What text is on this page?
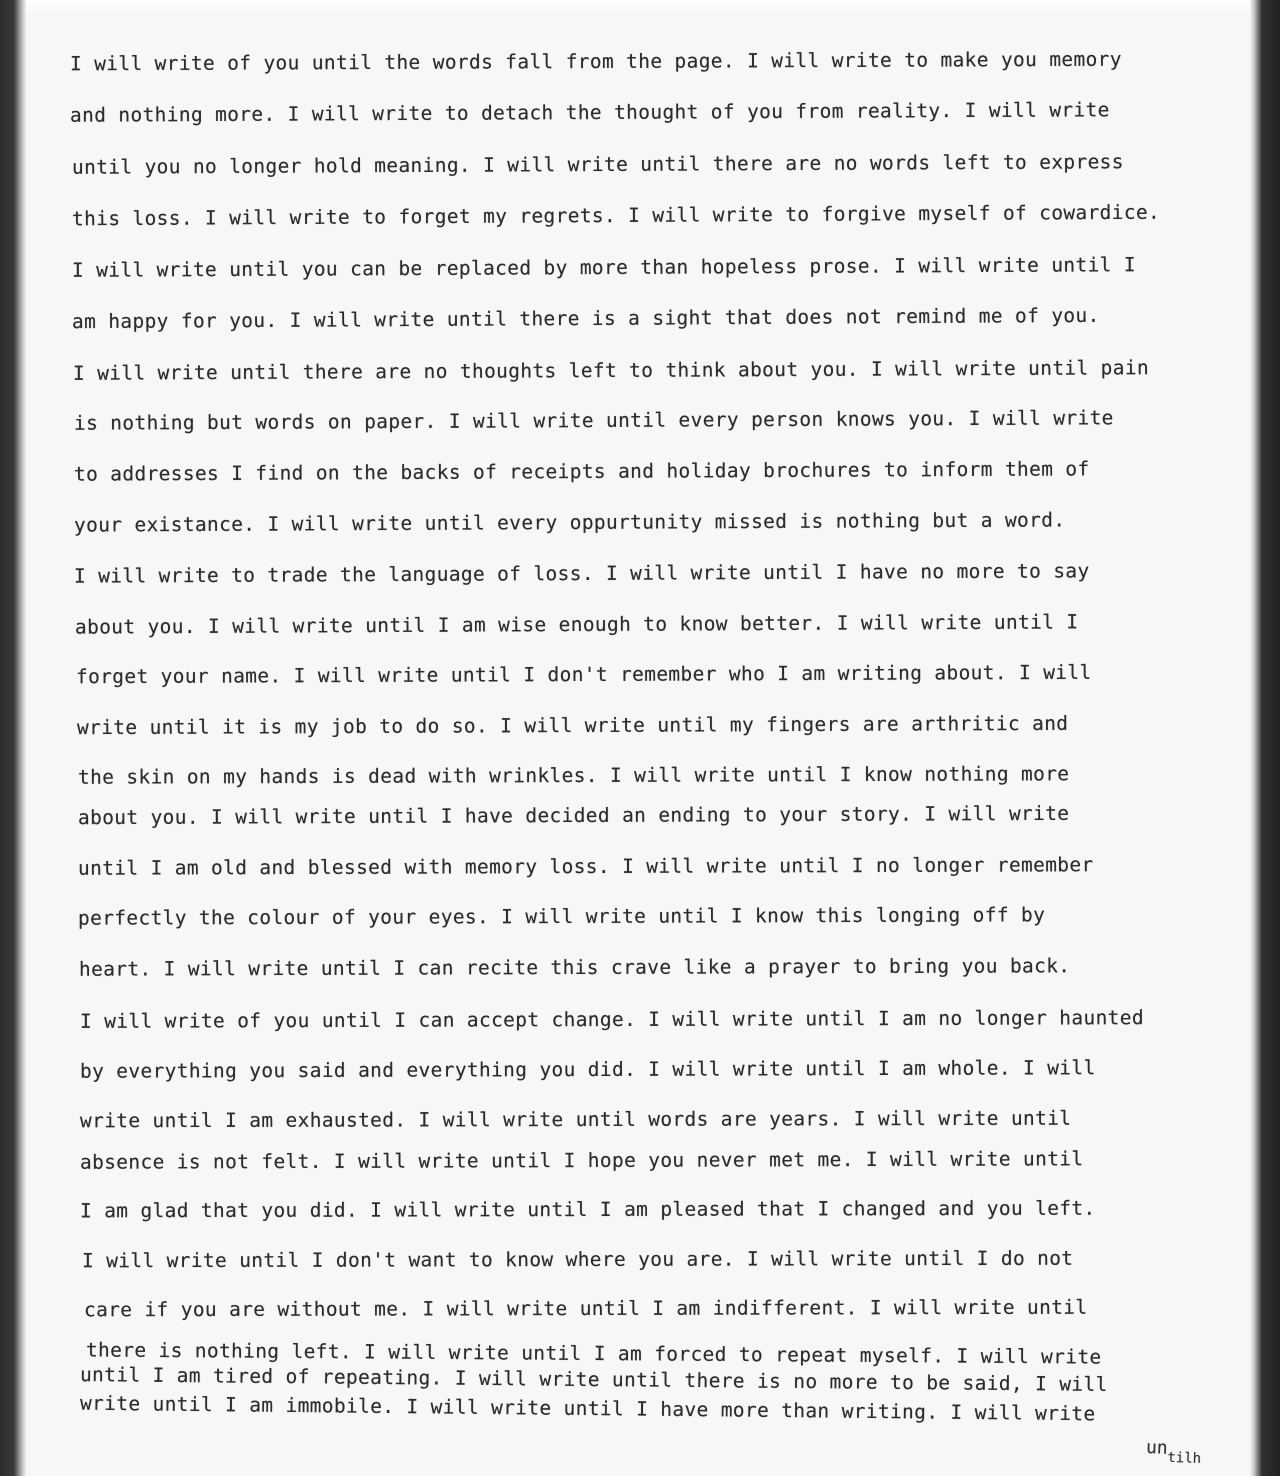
I will write of you until the words fall from the page. I will write to make you memory
and nothing more. I will write to detach the thought of you from reality. I will write
until you no longer hold meaning. I will write until there are no words left to express
this loss. I will write to forget my regrets. I will write to forgive myself of cowardice.
I will write until you can be replaced by more than hopeless prose. I will write until I
am happy for you. I will write until there is a sight that does not remind me of you.
I will write until there are no thoughts left to think about you. I will write until pain
is nothing but words on paper. I will write until every person knows you. I will write
to addresses I find on the backs of receipts and holiday brochures to inform them of
your existance. I will write until every oppurtunity missed is nothing but a word.
I will write to trade the language of loss. I will write until I have no more to say
about you. I will write until I am wise enough to know better. I will write until I
forget your name. I will write until I don't remember who I am writing about. I will
write until it is my job to do so. I will write until my fingers are arthritic and
the skin on my hands is dead with wrinkles. I will write until I know nothing more
about you. I will write until I have decided an ending to your story. I will write
until I am old and blessed with memory loss. I will write until I no longer remember
perfectly the colour of your eyes. I will write until I know this longing off by
heart. I will write until I can recite this crave like a prayer to bring you back.
I will write of you until I can accept change. I will write until I am no longer haunted
by everything you said and everything you did. I will write until I am whole. I will
write until I am exhausted. I will write until words are years. I will write until
absence is not felt. I will write until I hope you never met me. I will write until
I am glad that you did. I will write until I am pleased that I changed and you left.
I will write until I don't want to know where you are. I will write until I do not
care if you are without me. I will write until I am indifferent. I will write until
there is nothing left. I will write until I am forced to repeat myself. I will write
until I am tired of repeating. I will write until there is no more to be said, I will
write until I am immobile. I will write until I have more than writing. I will write
untilh
